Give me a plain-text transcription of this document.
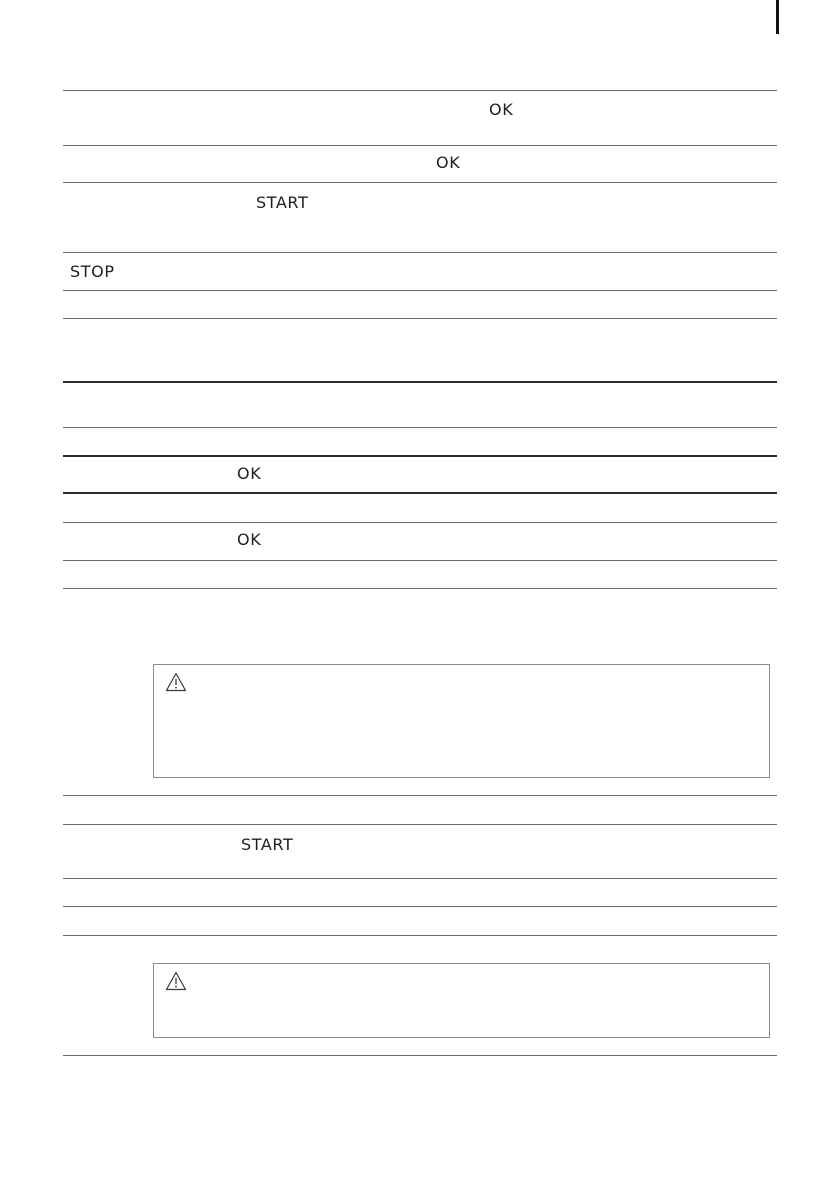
OK
OK
START
STOP
OK
OK
START
